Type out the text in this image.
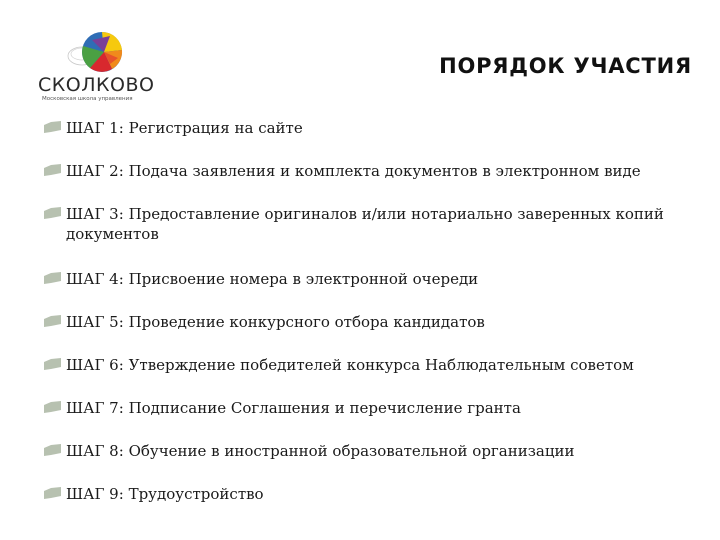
СКОЛКОВО
Московская школа управления
ПОРЯДОК УЧАСТИЯ
ШАГ 1: Регистрация на сайте
ШАГ 2: Подача заявления и комплекта документов в электронном виде
ШАГ 3: Предоставление оригиналов и/или нотариально заверенных копий документов
ШАГ 4: Присвоение номера в электронной очереди
ШАГ 5: Проведение конкурсного отбора кандидатов
ШАГ 6: Утверждение победителей конкурса Наблюдательным советом
ШАГ 7: Подписание Соглашения и перечисление гранта
ШАГ 8: Обучение в иностранной образовательной организации
ШАГ 9: Трудоустройство
